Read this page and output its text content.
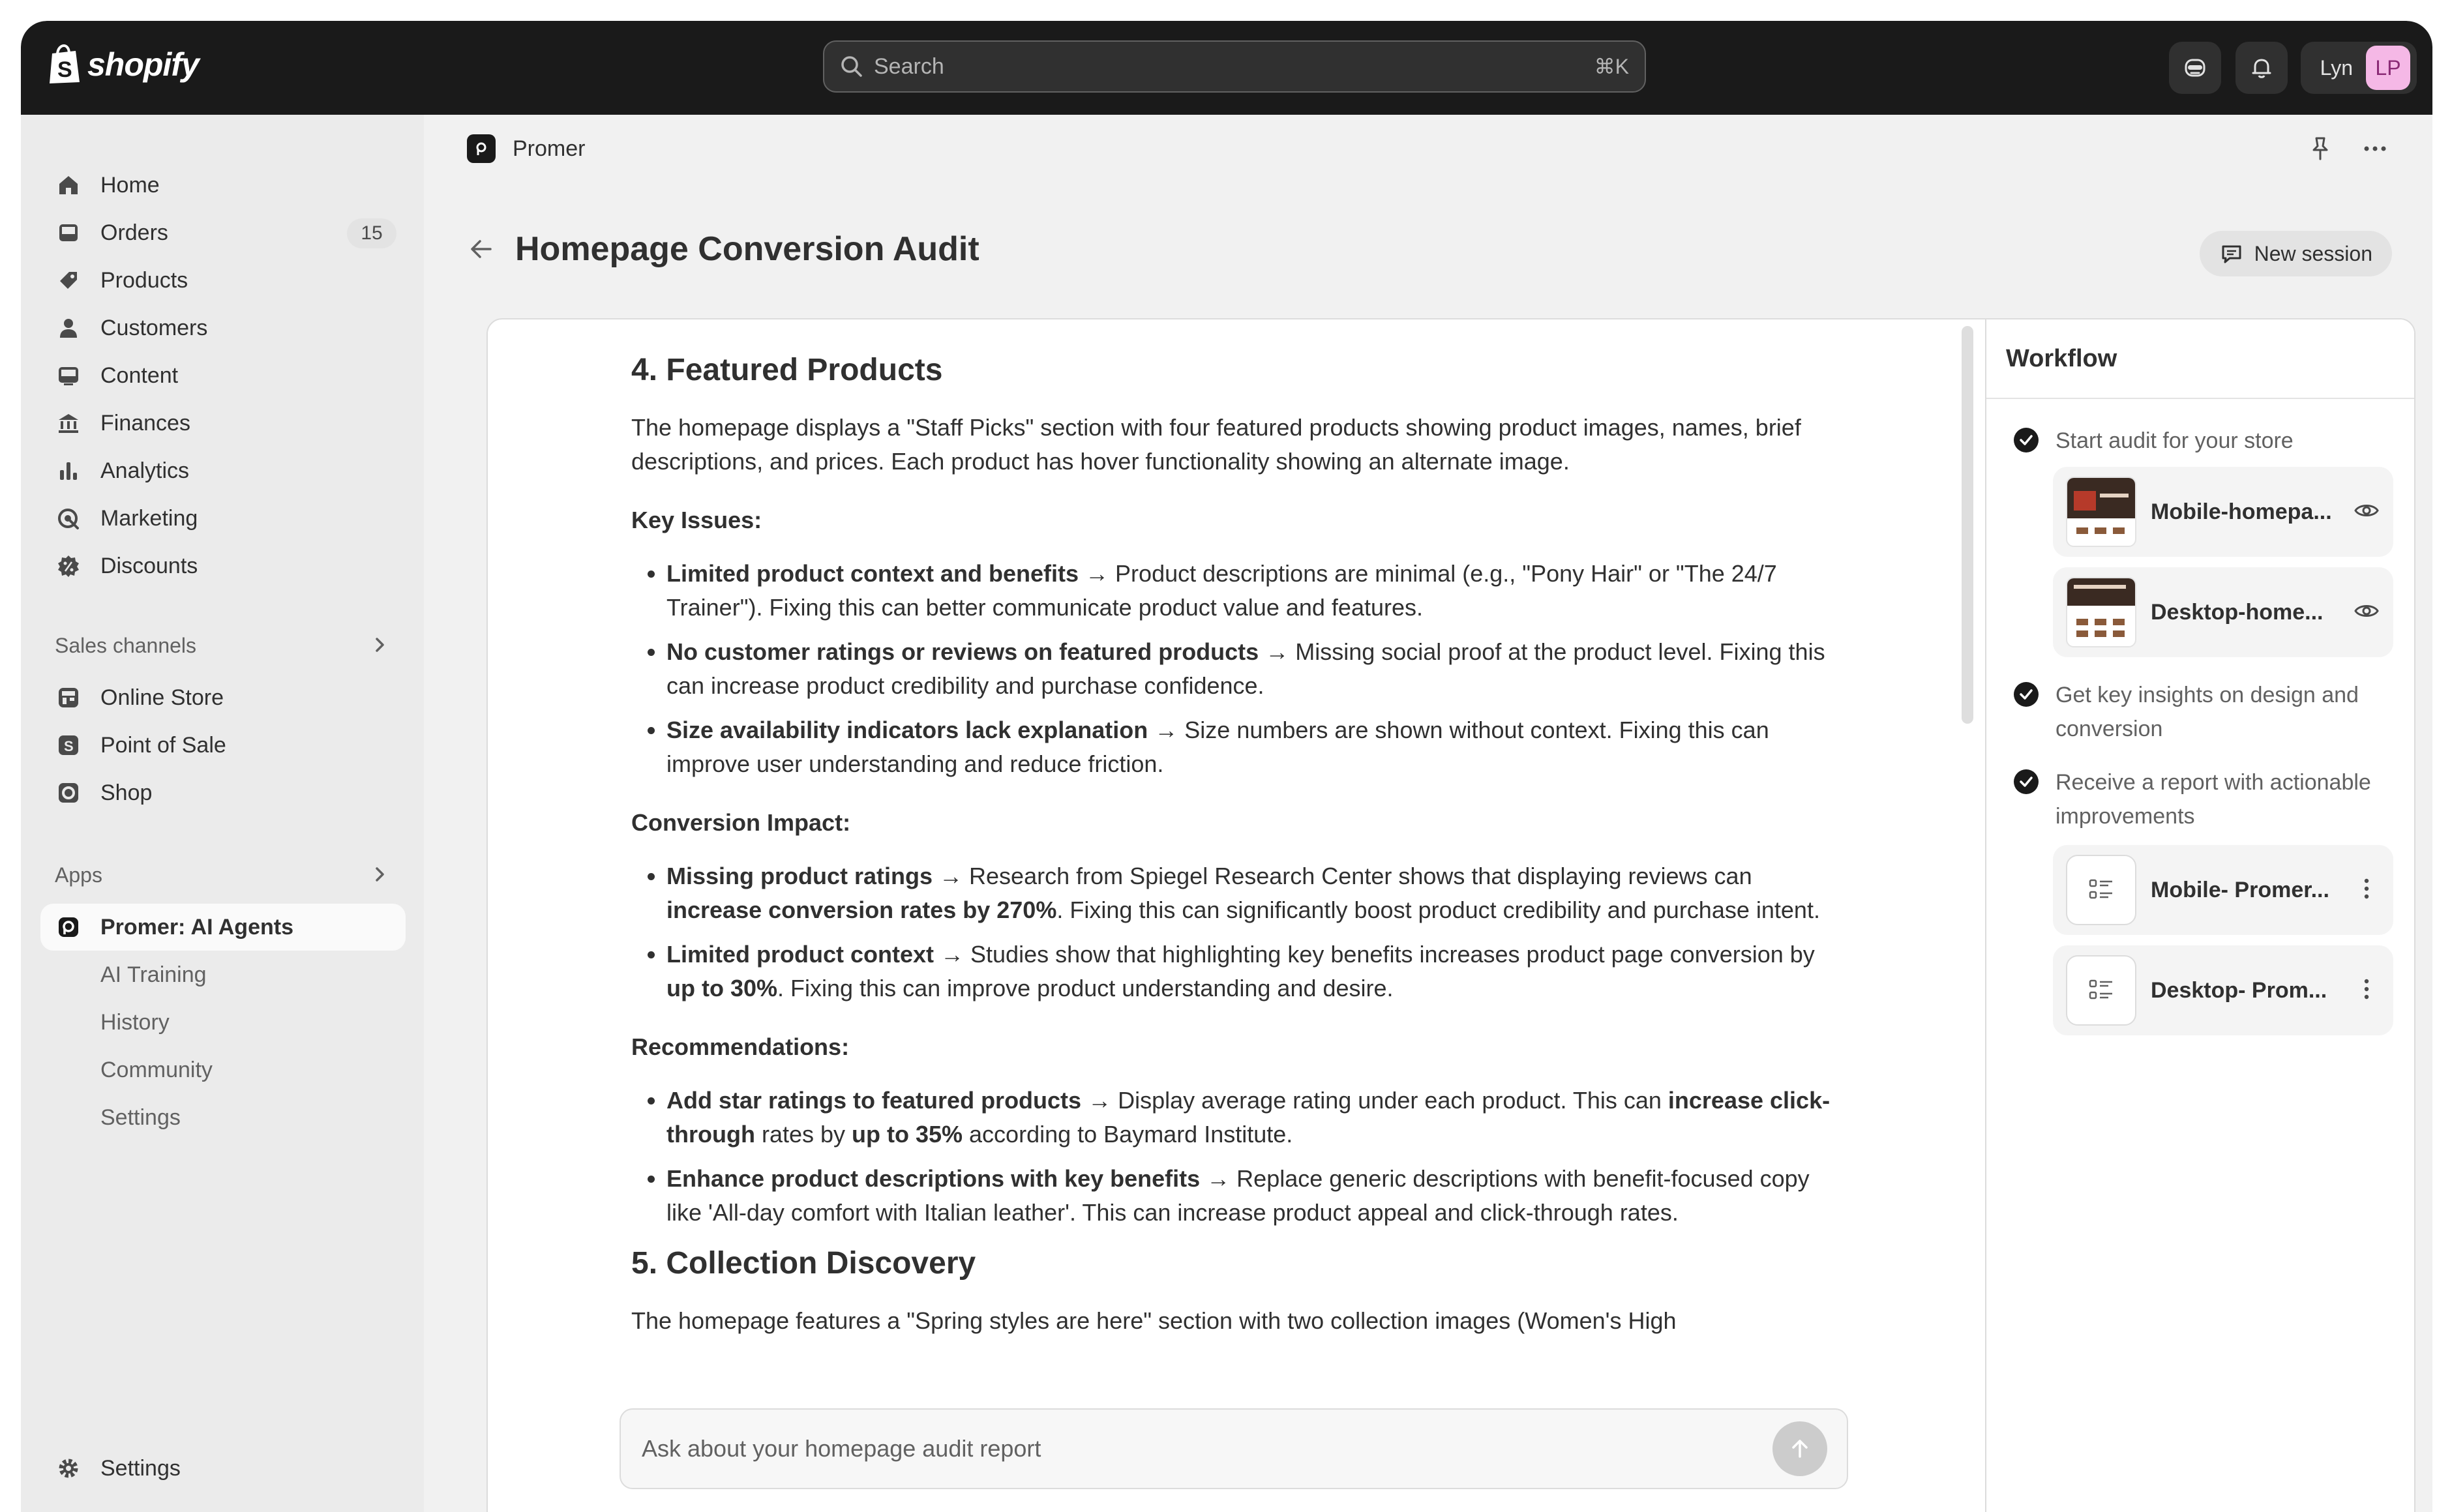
S shopify	Search	⌘K	Lyn	LP
Home
Orders	15
Products
Customers
Content
Finances
Analytics
Marketing
Discounts
Sales channels
Online Store
S Point of Sale
Shop
Apps
Promer: AI Agents
AI Training
History
Community
Settings
Settings
Promer
Homepage Conversion Audit	New session
4. Featured Products

The homepage displays a "Staff Picks" section with four featured products showing product images, names, brief descriptions, and prices. Each product has hover functionality showing an alternate image.

Key Issues:

• Limited product context and benefits → Product descriptions are minimal (e.g., "Pony Hair" or "The 24/7 Trainer"). Fixing this can better communicate product value and features.
• No customer ratings or reviews on featured products → Missing social proof at the product level. Fixing this can increase product credibility and purchase confidence.
• Size availability indicators lack explanation → Size numbers are shown without context. Fixing this can improve user understanding and reduce friction.

Conversion Impact:

• Missing product ratings → Research from Spiegel Research Center shows that displaying reviews can increase conversion rates by 270%. Fixing this can significantly boost product credibility and purchase intent.
• Limited product context → Studies show that highlighting key benefits increases product page conversion by up to 30%. Fixing this can improve product understanding and desire.

Recommendations:

• Add star ratings to featured products → Display average rating under each product. This can increase click-through rates by up to 35% according to Baymard Institute.
• Enhance product descriptions with key benefits → Replace generic descriptions with benefit-focused copy like 'All-day comfort with Italian leather'. This can increase product appeal and click-through rates.
5. Collection Discovery

The homepage features a "Spring styles are here" section with two collection images (Women's High

Ask about your homepage audit report
Workflow
Start audit for your store
Mobile-homepa...
Desktop-home...
Get key insights on design and conversion
Receive a report with actionable improvements
Mobile- Promer...
Desktop- Prom...
